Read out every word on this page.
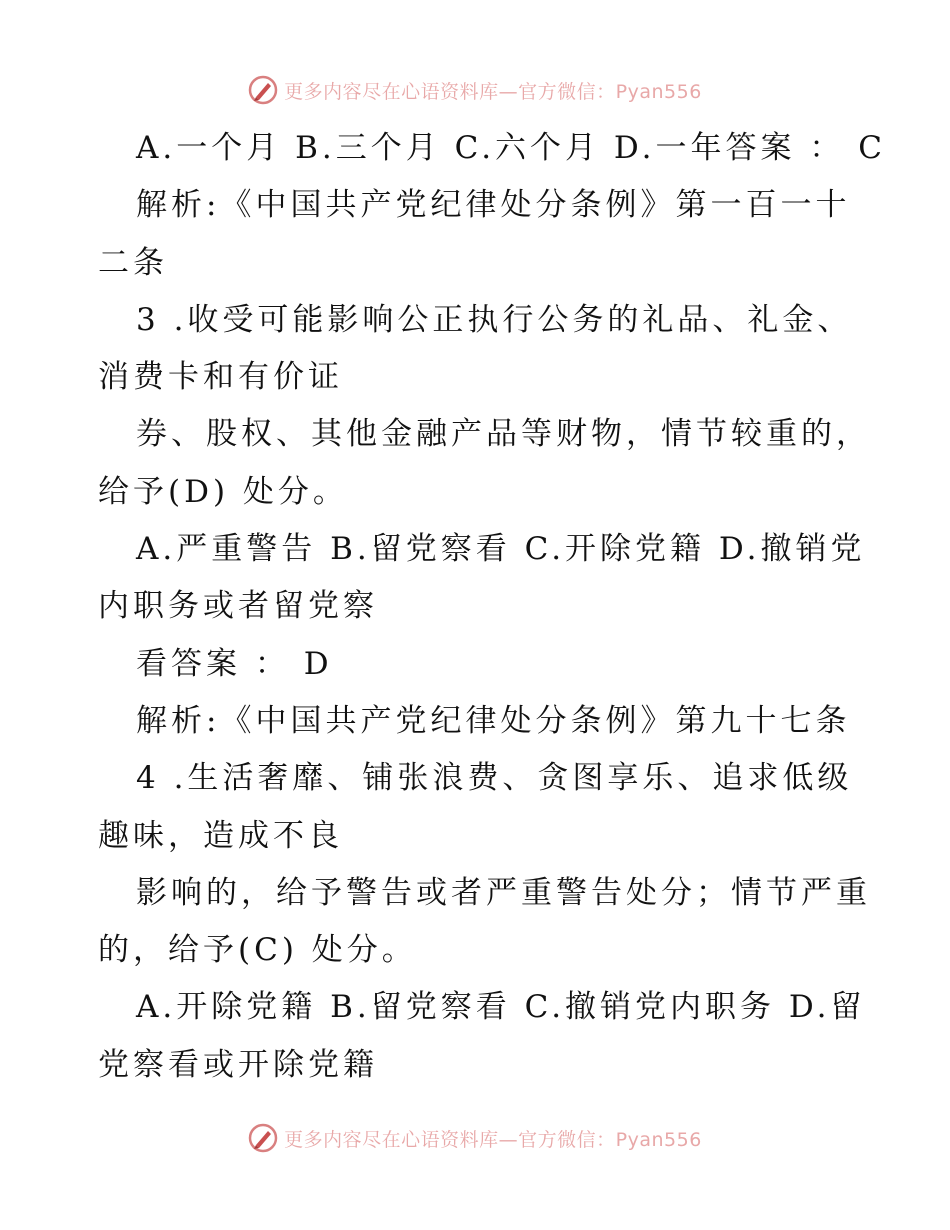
更多内容尽在心语资料库—官方微信：Pyan556
A.一个月 B.三个月 C.六个月 D.一年答案 ： C
解析:《中国共产党纪律处分条例》第一百一十
二条
3 .收受可能影响公正执行公务的礼品、礼金、
消费卡和有价证
券、股权、其他金融产品等财物，情节较重的，
给予(D) 处分。
A.严重警告 B.留党察看 C.开除党籍 D.撤销党
内职务或者留党察
看答案 ： D
解析:《中国共产党纪律处分条例》第九十七条
4 .生活奢靡、铺张浪费、贪图享乐、追求低级
趣味，造成不良
影响的，给予警告或者严重警告处分；情节严重
的，给予(C) 处分。
A.开除党籍 B.留党察看 C.撤销党内职务 D.留
党察看或开除党籍
更多内容尽在心语资料库—官方微信：Pyan556
